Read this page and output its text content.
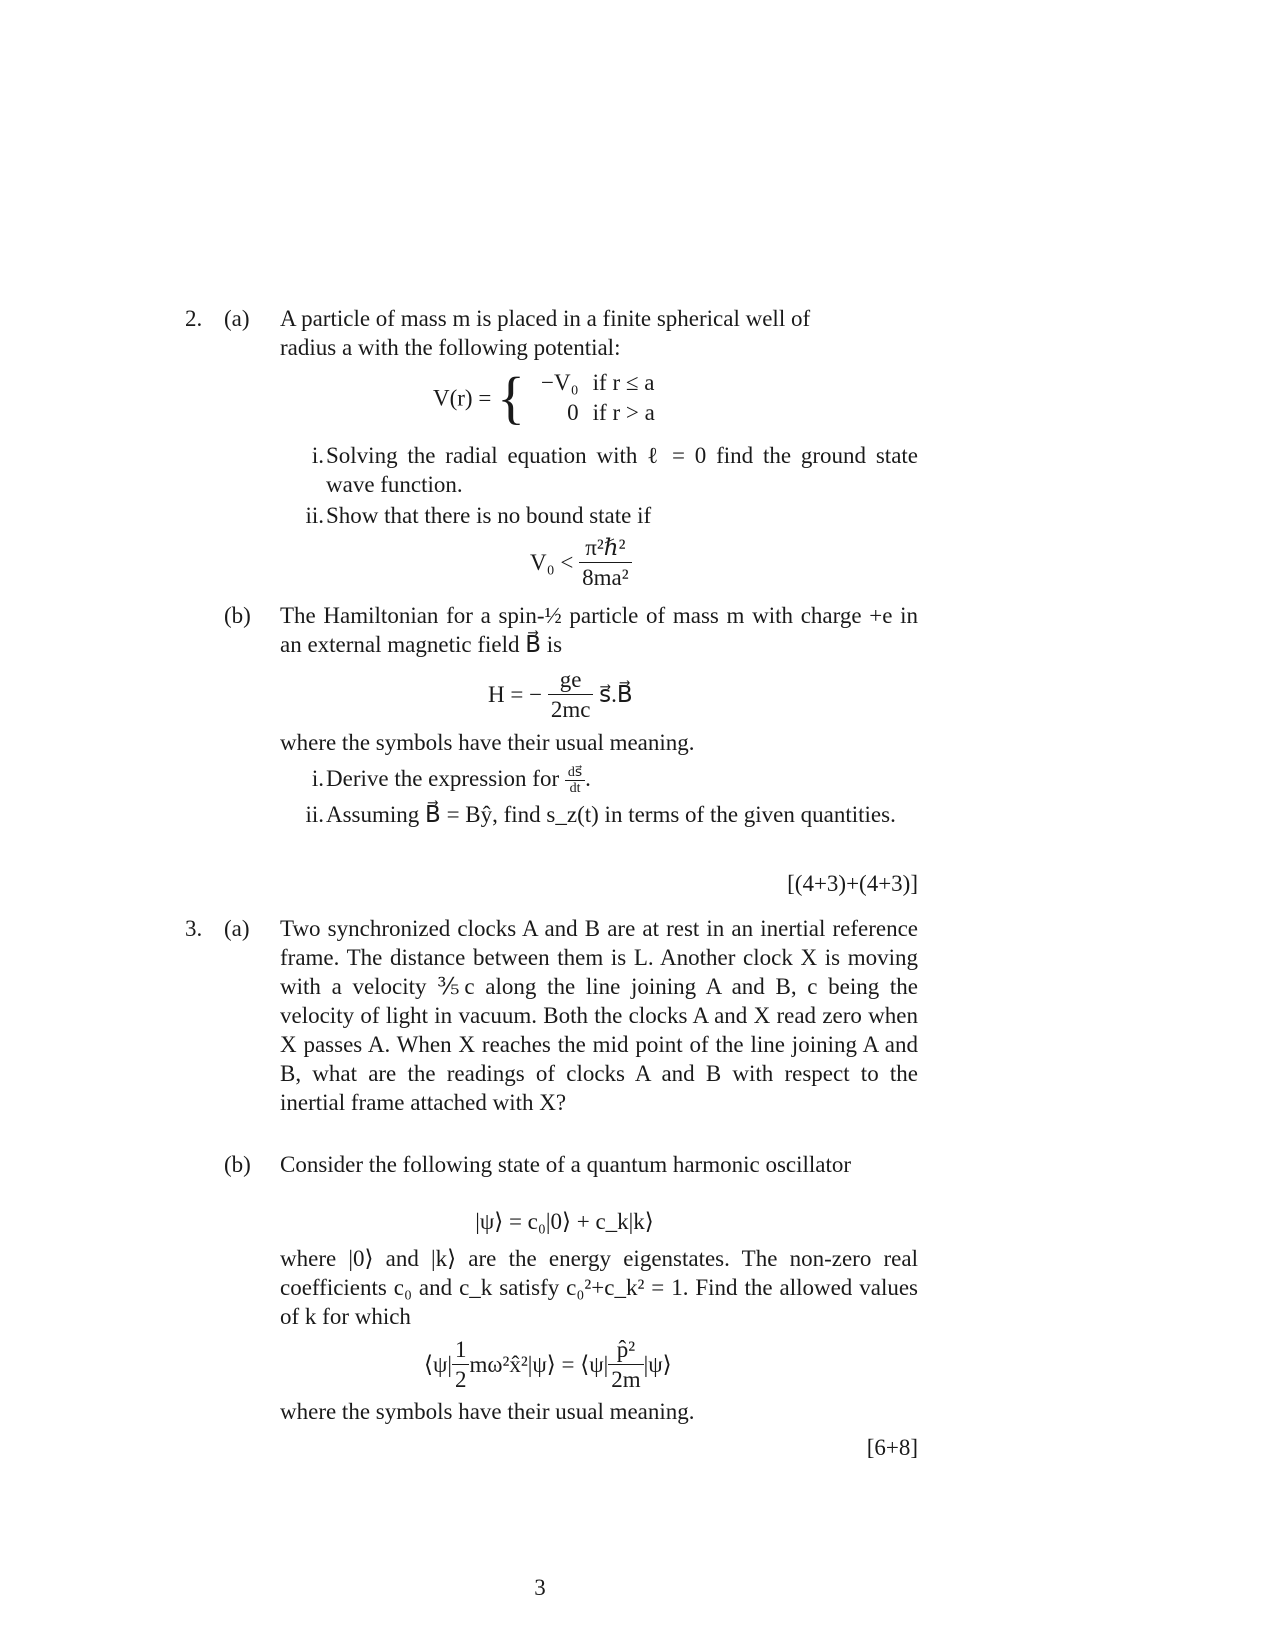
2. (a) A particle of mass m is placed in a finite spherical well of
radius a with the following potential:
V(r) = { −V₀ if r ≤ a
0 if r > a
i. Solving the radial equation with ℓ = 0 find the ground state wave function.
ii. Show that there is no bound state if
$V_0 < \frac{\text{π²ℏ²}}{\text{8ma²}}$
(b) The Hamiltonian for a spin-½ particle of mass m with charge +e in an external magnetic field B⃗ is
H = − $\frac{ge}{2mc}$ s⃗.B⃗
where the symbols have their usual meaning.
i. Derive the expression for $\frac{ds⃗}{dt}$ .
ii. Assuming B⃗ = Bŷ, find s_z(t) in terms of the given quantities.
[(4+3)+(4+3)]
3. (a) Two synchronized clocks A and B are at rest in an inertial reference frame. The distance between them is L. Another clock X is moving with a velocity ⅗c along the line joining A and B, c being the velocity of light in vacuum. Both the clocks A and X read zero when X passes A. When X reaches the mid point of the line joining A and B, what are the readings of clocks A and B with respect to the inertial frame attached with X?
(b) Consider the following state of a quantum harmonic oscillator
|ψ⟩ = c₀|0⟩ + c_k|k⟩
where |0⟩ and |k⟩ are the energy eigenstates. The non-zero real coefficients c₀ and c_k satisfy c₀²+c_k² = 1. Find the allowed values of k for which
⟨ψ| $\frac{1}{2}$ mω²x̂²|ψ⟩ = ⟨ψ| $\frac{\text{p̂²}}{2m}$ |ψ⟩
where the symbols have their usual meaning.
[6+8]
3
